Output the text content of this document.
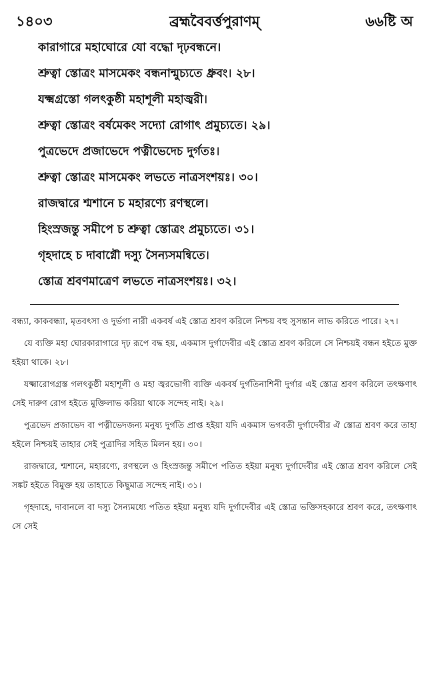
১৪০৩	ব্রহ্মবৈবর্ত্তপুরাণম্	৬৬ষ্টি অ
কারাগারে মহাঘোরে যো বদ্ধো দৃঢ়বন্ধনে।
শ্রুত্বা স্তোত্রং মাসমেকং বন্ধনান্মুচ্যতে ধ্রুবং। ২৮।
যক্ষ্মগ্রস্তো গলৎকুষ্ঠী মহাশূলী মহাজ্বরী।
শ্রুত্বা স্তোত্রং বর্ষমেকং সদ্যো রোগাৎ প্রমুচ্যতে। ২৯।
পুত্রভেদে প্রজাভেদে পত্নীভেদেচ দুর্গতঃ।
শ্রুত্বা স্তোত্রং মাসমেকং লভতে নাত্রসংশয়ঃ। ৩০।
রাজদ্বারে শ্মশানে চ মহারণ্যে রণস্থলে।
হিংস্রজন্তু সমীপে চ শ্রুত্বা স্তোত্রং প্রমুচ্যতে। ৩১।
গৃহদাহে চ দাবাগ্নৌ দস্যু সৈন্যসমন্বিতে।
স্তোত্র শ্রবণমাত্রেণ লভতে নাত্রসংশয়ঃ। ৩২।

বন্ধ্যা, কাকবন্ধ্যা, মৃতবৎসা ও দুর্ভগা নারী একবর্ষ এই স্তোত্র শ্রবণ করিলে নিশ্চয় বহু সুসন্তান লাভ করিতে পারে। ২৭।

যে ব্যক্তি মহা ঘোরকারাগারে দৃঢ় রূপে বদ্ধ হয়, একমাস দুর্গাদেবীর এই স্তোত্র শ্রবণ করিলে সে নিশ্চয়ই বন্ধন হইতে মুক্ত হইয়া থাকে। ২৮।

যক্ষ্মারোগগ্রস্ত গলৎকুষ্ঠী মহাশূলী ও মহা জ্বরভোগী ব্যক্তি একবর্ষ দুর্গতিনাশিনী দুর্গার এই স্তোত্র শ্রবণ করিলে তৎক্ষণাৎ সেই দারুণ রোগ হইতে মুক্তিলাভ করিয়া থাকে সন্দেহ নাই। ২৯।

পুত্রভেদ প্রজাভেদ বা পত্নীভেদজন্য মনুষ্য দুর্গতি প্রাপ্ত হইয়া যদি একমাস ভগবতী দুর্গাদেবীর ঐ স্তোত্র শ্রবণ করে তাহা হইলে নিশ্চয়ই তাহার সেই পুত্রাদির সহিত মিলন হয়। ৩০।

রাজদ্বারে, শ্মশানে, মহারণ্যে, রণস্থলে ও হিংস্রজন্তু সমীপে পতিত হইয়া মনুষ্য দুর্গাদেবীর এই স্তোত্র শ্রবণ করিলে সেই সঙ্কট হইতে বিমুক্ত হয় তাহাতে কিছুমাত্র সন্দেহ নাই। ৩১।

গৃহদাহে, দাবানলে বা দস্যু সৈন্যমধ্যে পতিত হইয়া মনুষ্য যদি দুর্গাদেবীর এই স্তোত্র ভক্তিসহকারে শ্রবণ করে, তৎক্ষণাৎ সে সেই
